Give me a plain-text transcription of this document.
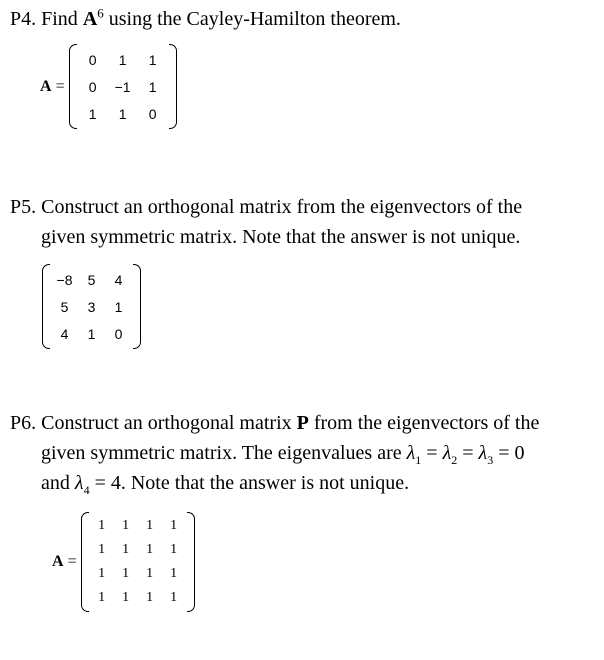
P4. Find $A^6$ using the Cayley-Hamilton theorem.
A =
0	1	1
0	−1	1
1	1	0
P5. Construct an orthogonal matrix from the eigenvectors of the
given symmetric matrix. Note that the answer is not unique.
−8	5	4
5	3	1
4	1	0
P6. Construct an orthogonal matrix P from the eigenvectors of the
given symmetric matrix. The eigenvalues are $\lambda_1 = \lambda_2 = \lambda_3 = 0$
and $\lambda_4 = 4$. Note that the answer is not unique.
A =
1	1	1	1
1	1	1	1
1	1	1	1
1	1	1	1
